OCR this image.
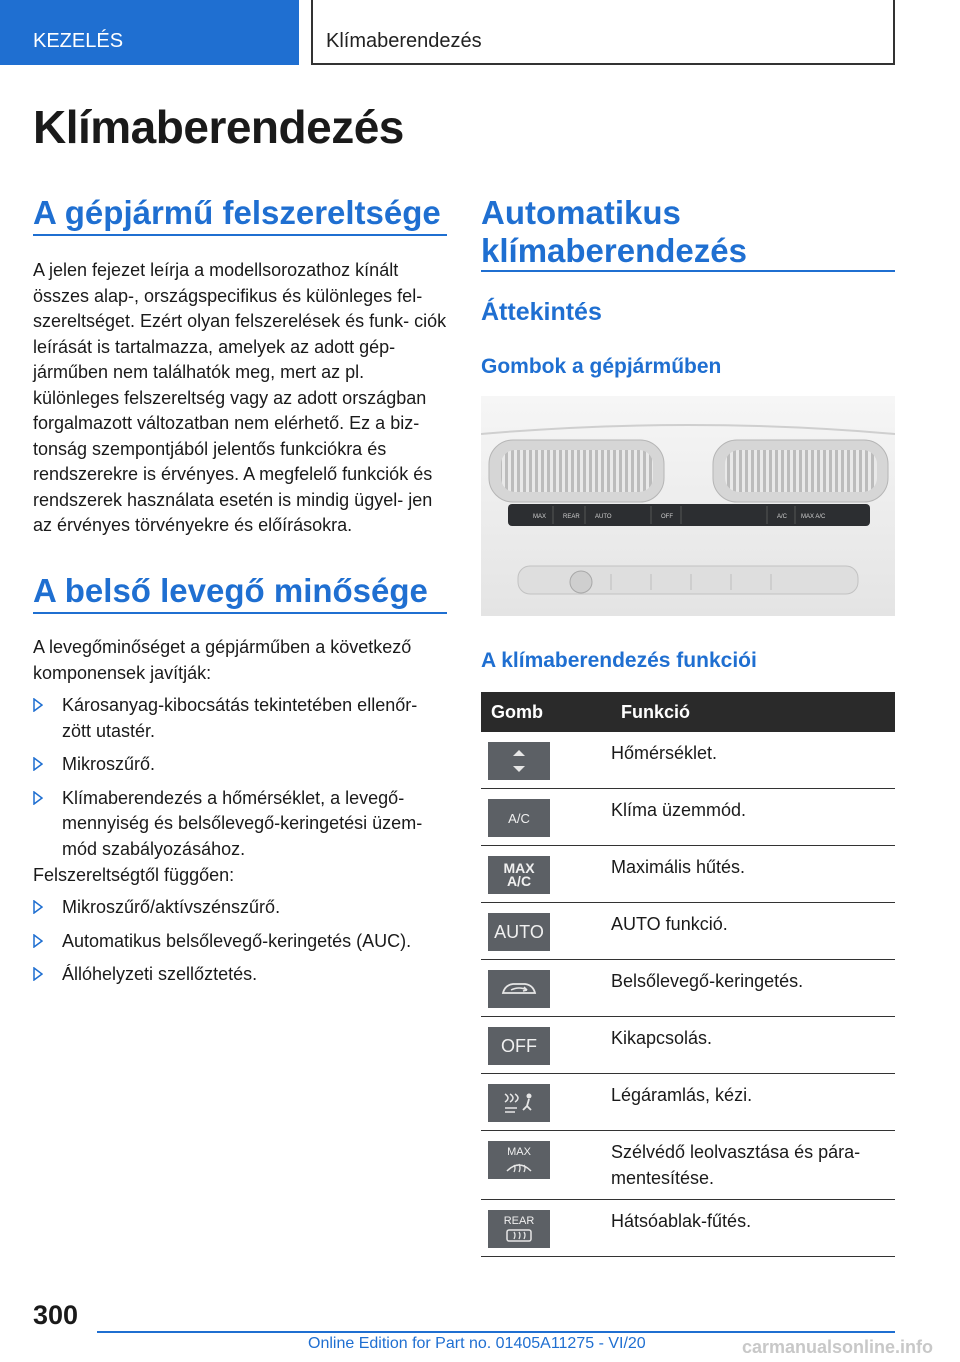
KEZELÉS	Klímaberendezés
Klímaberendezés
A gépjármű felszereltsége

A jelen fejezet leírja a modellsorozathoz kínált összes alap-, országspecifikus és különleges fel- szereltséget. Ezért olyan felszerelések és funk- ciók leírását is tartalmazza, amelyek az adott gép- járműben nem találhatók meg, mert az pl. különleges felszereltség vagy az adott országban forgalmazott változatban nem elérhető. Ez a biz- tonság szempontjából jelentős funkciókra és rendszerekre is érvényes. A megfelelő funkciók és rendszerek használata esetén is mindig ügyel- jen az érvényes törvényekre és előírásokra.

A belső levegő minősége

A levegőminőséget a gépjárműben a következő komponensek javítják:

Károsanyag-kibocsátás tekintetében ellenőr- zött utastér.
Mikroszűrő.
Klímaberendezés a hőmérséklet, a levegő- mennyiség és belsőlevegő-keringetési üzem- mód szabályozásához.

Felszereltségtől függően:

Mikroszűrő/aktívszénszűrő.
Automatikus belsőlevegő-keringetés (AUC).
Állóhelyzeti szellőztetés.
Automatikus klímaberendezés
Áttekintés
Gombok a gépjárműben
MAX	REAR	AUTO	OFF	A/C MAX A/C
A klímaberendezés funkciói
Gomb	Funkció

	Hőmérséklet.

A/C	Klíma üzemmód.

MAX A/C	Maximális hűtés.

AUTO	AUTO funkció.

	Belsőlevegő-keringetés.

OFF	Kikapcsolás.

	Légáramlás, kézi.

MAX	Szélvédő leolvasztása és pára- mentesítése.

REAR	Hátsóablak-fűtés.
300
Online Edition for Part no. 01405A11275 - VI/20	carmanualsonline.info
